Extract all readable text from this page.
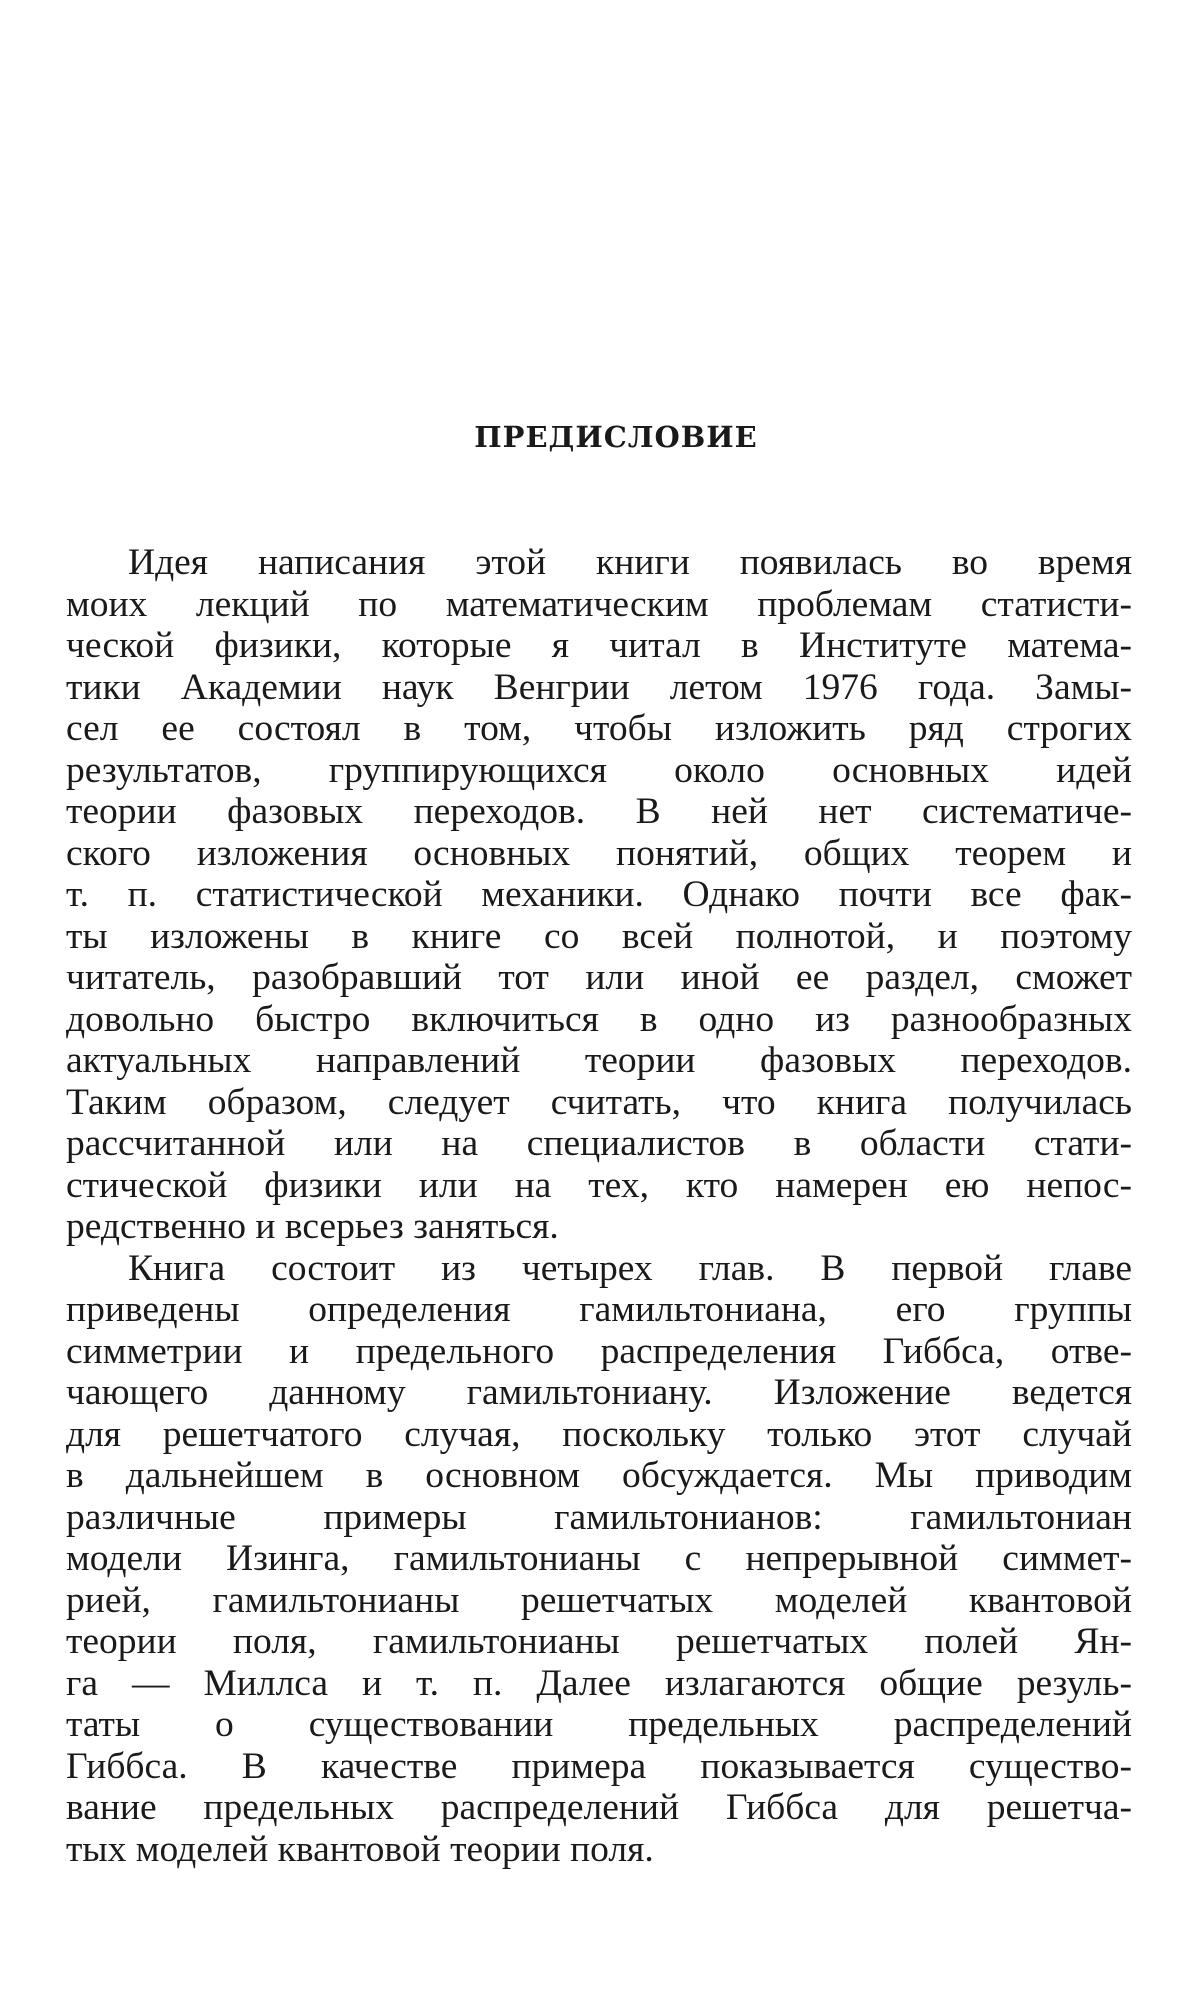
ПРЕДИСЛОВИЕ
Идея написания этой книги появилась во время
моих лекций по математическим проблемам статисти-
ческой физики, которые я читал в Институте матема-
тики Академии наук Венгрии летом 1976 года. Замы-
сел ее состоял в том, чтобы изложить ряд строгих
результатов, группирующихся около основных идей
теории фазовых переходов. В ней нет систематиче-
ского изложения основных понятий, общих теорем и
т. п. статистической механики. Однако почти все фак-
ты изложены в книге со всей полнотой, и поэтому
читатель, разобравший тот или иной ее раздел, сможет
довольно быстро включиться в одно из разнообразных
актуальных направлений теории фазовых переходов.
Таким образом, следует считать, что книга получилась
рассчитанной или на специалистов в области стати-
стической физики или на тех, кто намерен ею непос-
редственно и всерьез заняться.
Книга состоит из четырех глав. В первой главе
приведены определения гамильтониана, его группы
симметрии и предельного распределения Гиббса, отве-
чающего данному гамильтониану. Изложение ведется
для решетчатого случая, поскольку только этот случай
в дальнейшем в основном обсуждается. Мы приводим
различные примеры гамильтонианов: гамильтониан
модели Изинга, гамильтонианы с непрерывной симмет-
рией, гамильтонианы решетчатых моделей квантовой
теории поля, гамильтонианы решетчатых полей Ян-
га — Миллса и т. п. Далее излагаются общие резуль-
таты о существовании предельных распределений
Гиббса. В качестве примера показывается существо-
вание предельных распределений Гиббса для решетча-
тых моделей квантовой теории поля.
